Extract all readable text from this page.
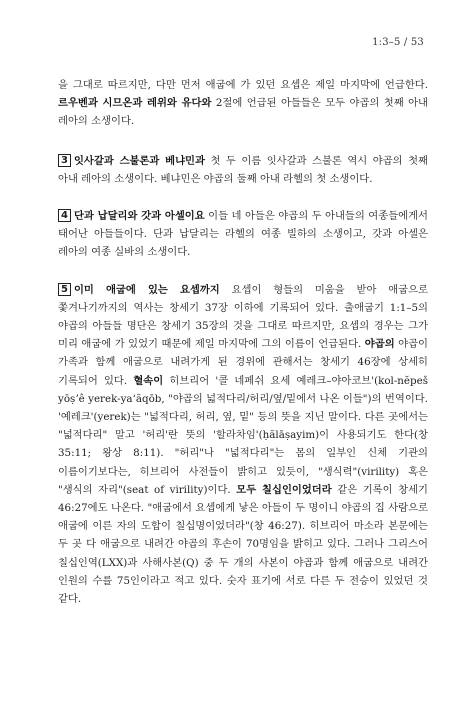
1:3–5 / 53

을 그대로 따르지만, 다만 먼저 애굽에 가 있던 요셉은 제일 마지막에 언급한다. 르우벤과 시므온과 레위와 유다와 2절에 언급된 아들들은 모두 야곱의 첫째 아내 레아의 소생이다.

3 잇사갈과 스불론과 베냐민과 첫 두 이름 잇사갈과 스불론 역시 야곱의 첫째 아내 레아의 소생이다. 베냐민은 야곱의 둘째 아내 라헬의 첫 소생이다.

4 단과 납달리와 갓과 아셀이요 이들 네 아들은 야곱의 두 아내들의 여종들에게서 태어난 아들들이다. 단과 납달리는 라헬의 여종 빌하의 소생이고, 갓과 아셀은 레아의 여종 실바의 소생이다.

5 이미 애굽에 있는 요셉까지 요셉이 형들의 미움을 받아 애굽으로 쫓겨나기까지의 역사는 창세기 37장 이하에 기록되어 있다. 출애굽기 1:1–5의 야곱의 아들들 명단은 창세기 35장의 것을 그대로 따르지만, 요셉의 경우는 그가 미리 애굽에 가 있었기 때문에 제일 마지막에 그의 이름이 언급된다. 야곱의 야곱이 가족과 함께 애굽으로 내려가게 된 경위에 관해서는 창세기 46장에 상세히 기록되어 있다. 혈속이 히브리어 '콜 네페쉬 요세 예레크–야아코브'(kol-nĕpeš yōṣʼê yerek-yaʻăqōb, "야곱의 넓적다리/허리/옆/밑에서 나온 이들")의 번역이다. '예레크'(yerek)는 "넓적다리, 허리, 옆, 밑" 등의 뜻을 지닌 말이다. 다른 곳에서는 "넓적다리" 말고 '허리'란 뜻의 '할라차임'(ḥălāṣayim)이 사용되기도 한다(창 35:11; 왕상 8:11). "허리"나 "넓적다리"는 몸의 일부인 신체 기관의 이름이기보다는, 히브리어 사전들이 밝히고 있듯이, "생식력"(virility) 혹은 "생식의 자리"(seat of virility)이다. 모두 칠십인이었더라 같은 기록이 창세기 46:27에도 나온다. "애굽에서 요셉에게 낳은 아들이 두 명이니 야곱의 집 사람으로 애굽에 이른 자의 도합이 칠십명이었더라"(창 46:27). 히브리어 마소라 본문에는 두 곳 다 애굽으로 내려간 야곱의 후손이 70명임을 밝히고 있다. 그러나 그리스어 칠십인역(LXX)과 사해사본(Q) 중 두 개의 사본이 야곱과 함께 애굽으로 내려간 인원의 수를 75인이라고 적고 있다. 숫자 표기에 서로 다른 두 전승이 있었던 것 같다.
